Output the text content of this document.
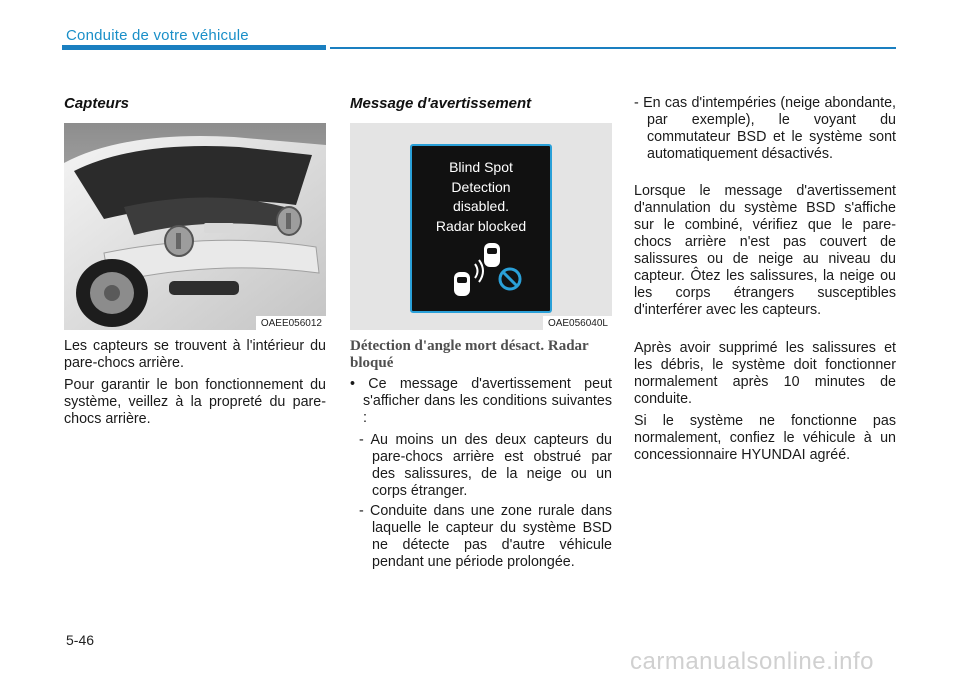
Conduite de votre véhicule
Capteurs
OAEE056012

Les capteurs se trouvent à l'intérieur du pare-chocs arrière.

Pour garantir le bon fonctionnement du système, veillez à la propreté du pare-chocs arrière.

Message d'avertissement
Blind Spot
Detection
disabled.
Radar blocked
OAE056040L
Détection d'angle mort désact. Radar bloqué

• Ce message d'avertissement peut s'afficher dans les conditions suivantes :

- Au moins un des deux capteurs du pare-chocs arrière est obstrué par des salissures, de la neige ou un corps étranger.

- Conduite dans une zone rurale dans laquelle le capteur du système BSD ne détecte pas d'autre véhicule pendant une période prolongée.

- En cas d'intempéries (neige abondante, par exemple), le voyant du commutateur BSD et le système sont automatiquement désactivés.

Lorsque le message d'avertissement d'annulation du système BSD s'affiche sur le combiné, vérifiez que le pare-chocs arrière n'est pas couvert de salissures ou de neige au niveau du capteur. Ôtez les salissures, la neige ou les corps étrangers susceptibles d'interférer avec les capteurs.

Après avoir supprimé les salissures et les débris, le système doit fonctionner normalement après 10 minutes de conduite.

Si le système ne fonctionne pas normalement, confiez le véhicule à un concessionnaire HYUNDAI agréé.

5-46
carmanualsonline.info
